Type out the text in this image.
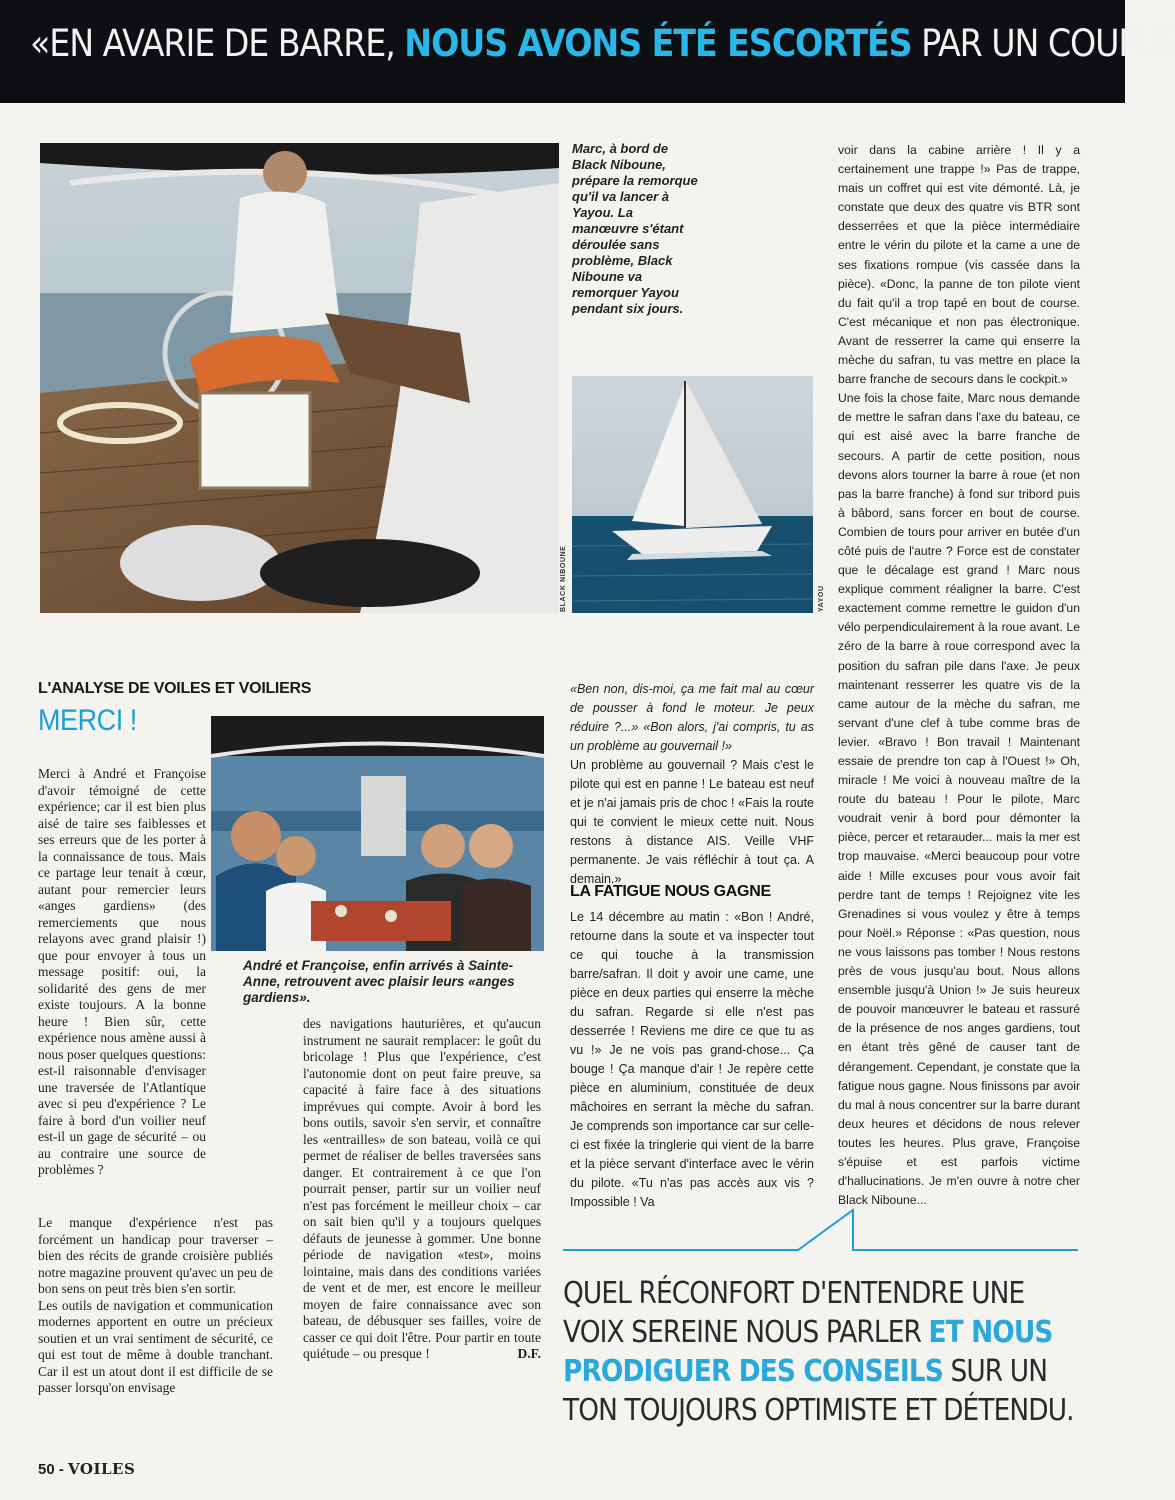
«EN AVARIE DE BARRE, NOUS AVONS ÉTÉ ESCORTÉS PAR UN COUPLE
Marc, à bord de Black Niboune, prépare la remorque qu'il va lancer à Yayou. La manœuvre s'étant déroulée sans problème, Black Niboune va remorquer Yayou pendant six jours.
BLACK NIBOUNE	YAYOU
L'ANALYSE DE VOILES ET VOILIERS
MERCI !
André et Françoise, enfin arrivés à Sainte-Anne, retrouvent avec plaisir leurs «anges gardiens».

Merci à André et Françoise d'avoir témoigné de cette expérience; car il est bien plus aisé de taire ses faiblesses et ses erreurs que de les porter à la connaissance de tous. Mais ce partage leur tenait à cœur, autant pour remercier leurs «anges gardiens» (des remerciements que nous relayons avec grand plaisir !) que pour envoyer à tous un message positif: oui, la solidarité des gens de mer existe toujours. A la bonne heure ! Bien sûr, cette expérience nous amène aussi à nous poser quelques questions: est-il raisonnable d'envisager une traversée de l'Atlantique avec si peu d'expérience ? Le faire à bord d'un voilier neuf est-il un gage de sécurité – ou au contraire une source de problèmes ?

Le manque d'expérience n'est pas forcément un handicap pour traverser – bien des récits de grande croisière publiés notre magazine prouvent qu'avec un peu de bon sens on peut très bien s'en sortir.

Les outils de navigation et communication modernes apportent en outre un précieux soutien et un vrai sentiment de sécurité, ce qui est tout de même à double tranchant. Car il est un atout dont il est difficile de se passer lorsqu'on envisage

des navigations hauturières, et qu'aucun instrument ne saurait remplacer: le goût du bricolage ! Plus que l'expérience, c'est l'autonomie dont on peut faire preuve, sa capacité à faire face à des situations imprévues qui compte. Avoir à bord les bons outils, savoir s'en servir, et connaître les «entrailles» de son bateau, voilà ce qui permet de réaliser de belles traversées sans danger. Et contrairement à ce que l'on pourrait penser, partir sur un voilier neuf n'est pas forcément le meilleur choix – car on sait bien qu'il y a toujours quelques défauts de jeunesse à gommer. Une bonne période de navigation «test», moins lointaine, mais dans des conditions variées de vent et de mer, est encore le meilleur moyen de faire connaissance avec son bateau, de débusquer ses failles, voire de casser ce qui doit l'être. Pour partir en toute quiétude – ou presque !	D.F.

«Ben non, dis-moi, ça me fait mal au cœur de pousser à fond le moteur. Je peux réduire ?...» «Bon alors, j'ai compris, tu as un problème au gouvernail !»

Un problème au gouvernail ? Mais c'est le pilote qui est en panne ! Le bateau est neuf et je n'ai jamais pris de choc ! «Fais la route qui te convient le mieux cette nuit. Nous restons à distance AIS. Veille VHF permanente. Je vais réfléchir à tout ça. A demain.»

LA FATIGUE NOUS GAGNE

Le 14 décembre au matin : «Bon ! André, retourne dans la soute et va inspecter tout ce qui touche à la transmission barre/safran. Il doit y avoir une came, une pièce en deux parties qui enserre la mèche du safran. Regarde si elle n'est pas desserrée ! Reviens me dire ce que tu as vu !» Je ne vois pas grand-chose... Ça bouge ! Ça manque d'air ! Je repère cette pièce en aluminium, constituée de deux mâchoires en serrant la mèche du safran. Je comprends son importance car sur celle-ci est fixée la tringlerie qui vient de la barre et la pièce servant d'interface avec le vérin du pilote. «Tu n'as pas accès aux vis ? Impossible ! Va

voir dans la cabine arrière ! Il y a certainement une trappe !» Pas de trappe, mais un coffret qui est vite démonté. Là, je constate que deux des quatre vis BTR sont desserrées et que la pièce intermédiaire entre le vérin du pilote et la came a une de ses fixations rompue (vis cassée dans la pièce). «Donc, la panne de ton pilote vient du fait qu'il a trop tapé en bout de course. C'est mécanique et non pas électronique. Avant de resserrer la came qui enserre la mèche du safran, tu vas mettre en place la barre franche de secours dans le cockpit.»

Une fois la chose faite, Marc nous demande de mettre le safran dans l'axe du bateau, ce qui est aisé avec la barre franche de secours. A partir de cette position, nous devons alors tourner la barre à roue (et non pas la barre franche) à fond sur tribord puis à bâbord, sans forcer en bout de course. Combien de tours pour arriver en butée d'un côté puis de l'autre ? Force est de constater que le décalage est grand ! Marc nous explique comment réaligner la barre. C'est exactement comme remettre le guidon d'un vélo perpendiculairement à la roue avant. Le zéro de la barre à roue correspond avec la position du safran pile dans l'axe. Je peux maintenant resserrer les quatre vis de la came autour de la mèche du safran, me servant d'une clef à tube comme bras de levier. «Bravo ! Bon travail ! Maintenant essaie de prendre ton cap à l'Ouest !» Oh, miracle ! Me voici à nouveau maître de la route du bateau ! Pour le pilote, Marc voudrait venir à bord pour démonter la pièce, percer et retarauder... mais la mer est trop mauvaise. «Merci beaucoup pour votre aide ! Mille excuses pour vous avoir fait perdre tant de temps ! Rejoignez vite les Grenadines si vous voulez y être à temps pour Noël.» Réponse : «Pas question, nous ne vous laissons pas tomber ! Nous restons près de vous jusqu'au bout. Nous allons ensemble jusqu'à Union !» Je suis heureux de pouvoir manœuvrer le bateau et rassuré de la présence de nos anges gardiens, tout en étant très gêné de causer tant de dérangement. Cependant, je constate que la fatigue nous gagne. Nous finissons par avoir du mal à nous concentrer sur la barre durant deux heures et décidons de nous relever toutes les heures. Plus grave, Françoise s'épuise et est parfois victime d'hallucinations. Je m'en ouvre à notre cher Black Niboune...

QUEL RÉCONFORT D'ENTENDRE UNE
VOIX SEREINE NOUS PARLER ET NOUS
PRODIGUER DES CONSEILS SUR UN
TON TOUJOURS OPTIMISTE ET DÉTENDU.
50 - VOILES
